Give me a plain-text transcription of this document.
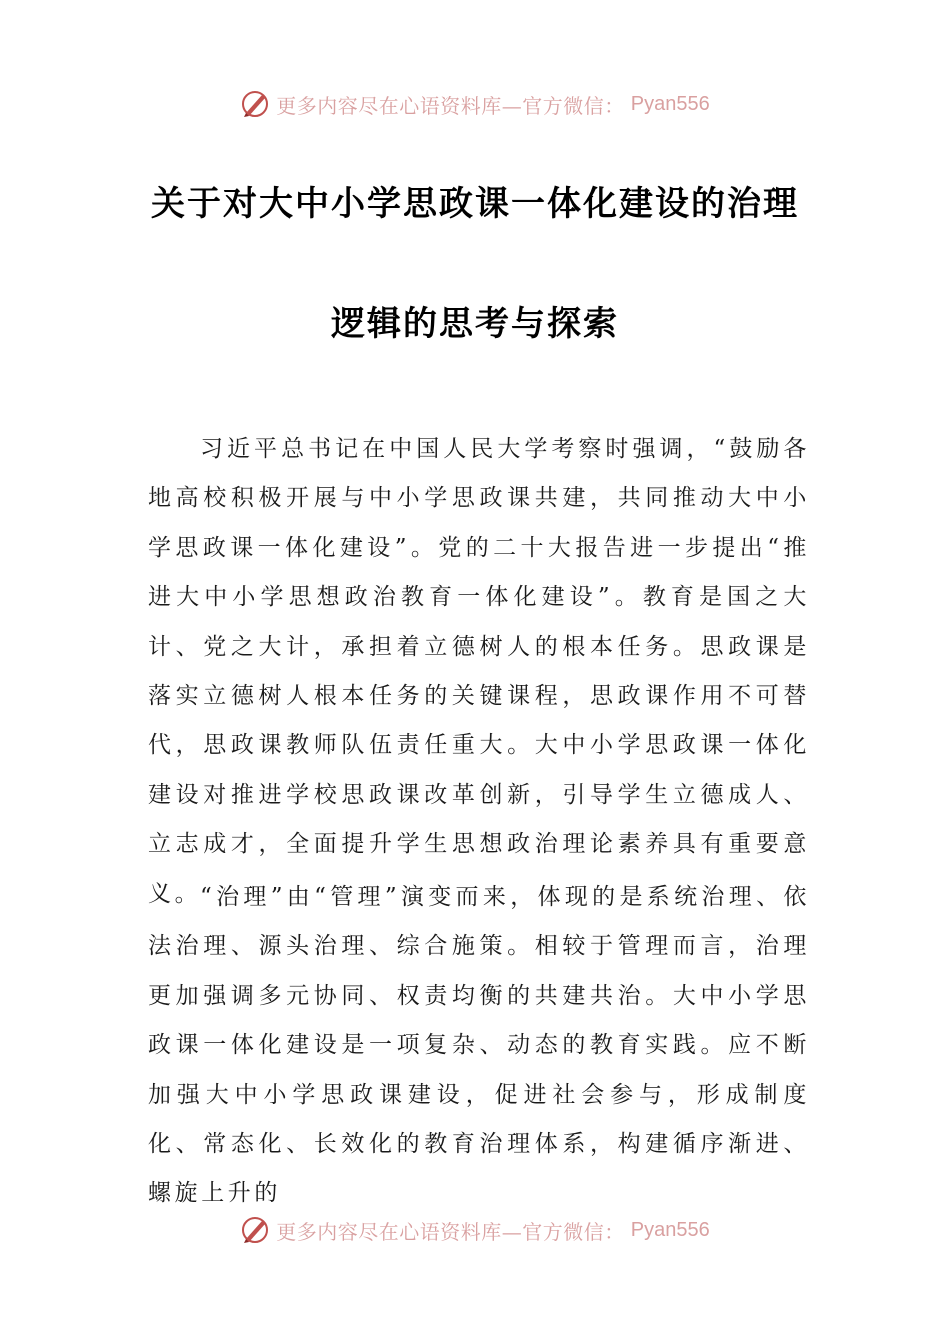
更多内容尽在心语资料库—官方微信： Pyan556
关于对大中小学思政课一体化建设的治理
逻辑的思考与探索

习近平总书记在中国人民大学考察时强调，“鼓励各地高校积极开展与中小学思政课共建，共同推动大中小学思政课一体化建设”。党的二十大报告进一步提出“推进大中小学思想政治教育一体化建设”。教育是国之大计、党之大计，承担着立德树人的根本任务。思政课是落实立德树人根本任务的关键课程，思政课作用不可替代，思政课教师队伍责任重大。大中小学思政课一体化建设对推进学校思政课改革创新，引导学生立德成人、立志成才，全面提升学生思想政治理论素养具有重要意义。

“治理”由“管理”演变而来，体现的是系统治理、依法治理、源头治理、综合施策。相较于管理而言，治理更加强调多元协同、权责均衡的共建共治。大中小学思政课一体化建设是一项复杂、动态的教育实践。应不断加强大中小学思政课建设，促进社会参与，形成制度化、常态化、长效化的教育治理体系，构建循序渐进、螺旋上升的

更多内容尽在心语资料库—官方微信： Pyan556
